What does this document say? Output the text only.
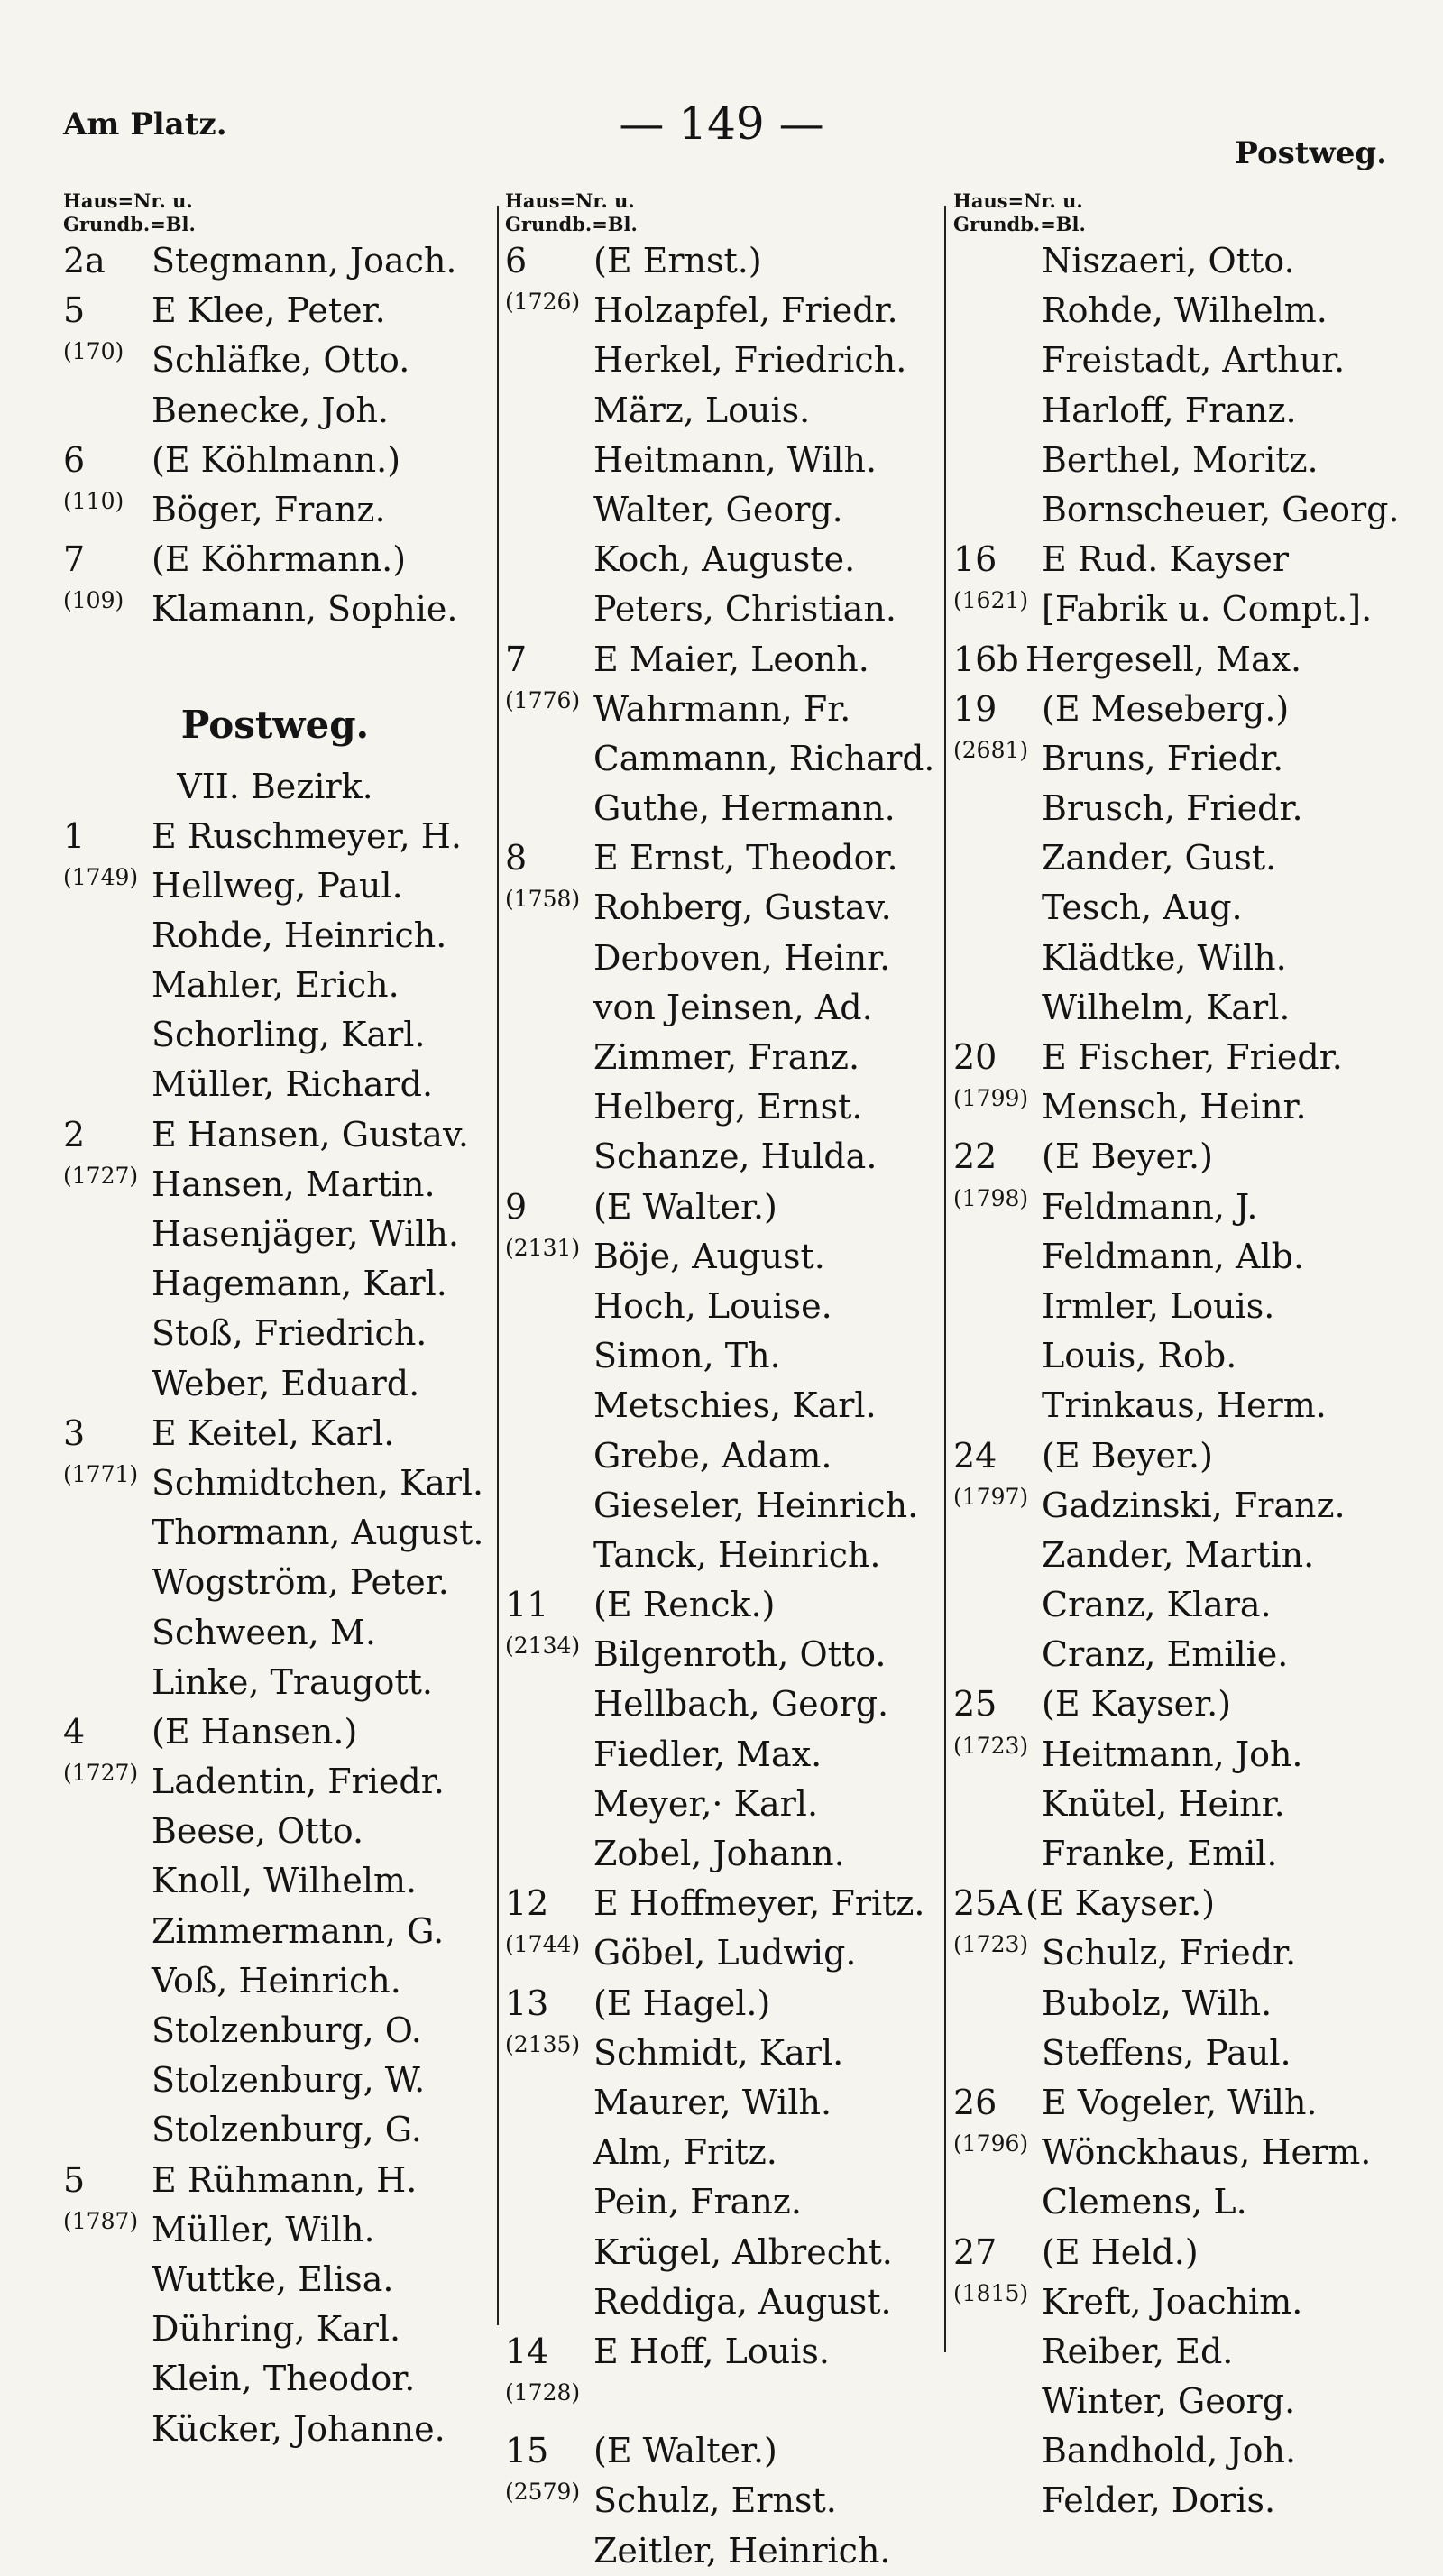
Am Platz.	— 149 —
Postweg.
Haus=Nr. u.
Grundb.=Bl.
2a Stegmann, Joach.
5 E Klee, Peter.
(170) Schläfke, Otto.
Benecke, Joh.
6 (E Köhlmann.)
(110) Böger, Franz.
7 (E Köhrmann.)
(109) Klamann, Sophie.
Postweg.
VII. Bezirk.
1 E Ruschmeyer, H.
(1749) Hellweg, Paul.
Rohde, Heinrich.
Mahler, Erich.
Schorling, Karl.
Müller, Richard.
2 E Hansen, Gustav.
(1727) Hansen, Martin.
Hasenjäger, Wilh.
Hagemann, Karl.
Stoß, Friedrich.
Weber, Eduard.
3 E Keitel, Karl.
(1771) Schmidtchen, Karl.
Thormann, August.
Wogström, Peter.
Schween, M.
Linke, Traugott.
4 (E Hansen.)
(1727) Ladentin, Friedr.
Beese, Otto.
Knoll, Wilhelm.
Zimmermann, G.
Voß, Heinrich.
Stolzenburg, O.
Stolzenburg, W.
Stolzenburg, G.
5 E Rühmann, H.
(1787) Müller, Wilh.
Wuttke, Elisa.
Dühring, Karl.
Klein, Theodor.
Kücker, Johanne.
Haus=Nr. u.
Grundb.=Bl.
6 (E Ernst.)
(1726) Holzapfel, Friedr.
Herkel, Friedrich.
März, Louis.
Heitmann, Wilh.
Walter, Georg.
Koch, Auguste.
Peters, Christian.
7 E Maier, Leonh.
(1776) Wahrmann, Fr.
Cammann, Richard.
Guthe, Hermann.
8 E Ernst, Theodor.
(1758) Rohberg, Gustav.
Derboven, Heinr.
von Jeinsen, Ad.
Zimmer, Franz.
Helberg, Ernst.
Schanze, Hulda.
9 (E Walter.)
(2131) Böje, August.
Hoch, Louise.
Simon, Th.
Metschies, Karl.
Grebe, Adam.
Gieseler, Heinrich.
Tanck, Heinrich.
11 (E Renck.)
(2134) Bilgenroth, Otto.
Hellbach, Georg.
Fiedler, Max.
Meyer,· Karl.
Zobel, Johann.
12 E Hoffmeyer, Fritz.
(1744) Göbel, Ludwig.
13 (E Hagel.)
(2135) Schmidt, Karl.
Maurer, Wilh.
Alm, Fritz.
Pein, Franz.
Krügel, Albrecht.
Reddiga, August.
14 E Hoff, Louis.
(1728)
15 (E Walter.)
(2579) Schulz, Ernst.
Zeitler, Heinrich.
Haus=Nr. u.
Grundb.=Bl.
Niszaeri, Otto.
Rohde, Wilhelm.
Freistadt, Arthur.
Harloff, Franz.
Berthel, Moritz.
Bornscheuer, Georg.
16 E Rud. Kayser
(1621) [Fabrik u. Compt.].
16b Hergesell, Max.
19 (E Meseberg.)
(2681) Bruns, Friedr.
Brusch, Friedr.
Zander, Gust.
Tesch, Aug.
Klädtke, Wilh.
Wilhelm, Karl.
20 E Fischer, Friedr.
(1799) Mensch, Heinr.
22 (E Beyer.)
(1798) Feldmann, J.
Feldmann, Alb.
Irmler, Louis.
Louis, Rob.
Trinkaus, Herm.
24 (E Beyer.)
(1797) Gadzinski, Franz.
Zander, Martin.
Cranz, Klara.
Cranz, Emilie.
25 (E Kayser.)
(1723) Heitmann, Joh.
Knütel, Heinr.
Franke, Emil.
25A (E Kayser.)
(1723) Schulz, Friedr.
Bubolz, Wilh.
Steffens, Paul.
26 E Vogeler, Wilh.
(1796) Wönckhaus, Herm.
Clemens, L.
27 (E Held.)
(1815) Kreft, Joachim.
Reiber, Ed.
Winter, Georg.
Bandhold, Joh.
Felder, Doris.
